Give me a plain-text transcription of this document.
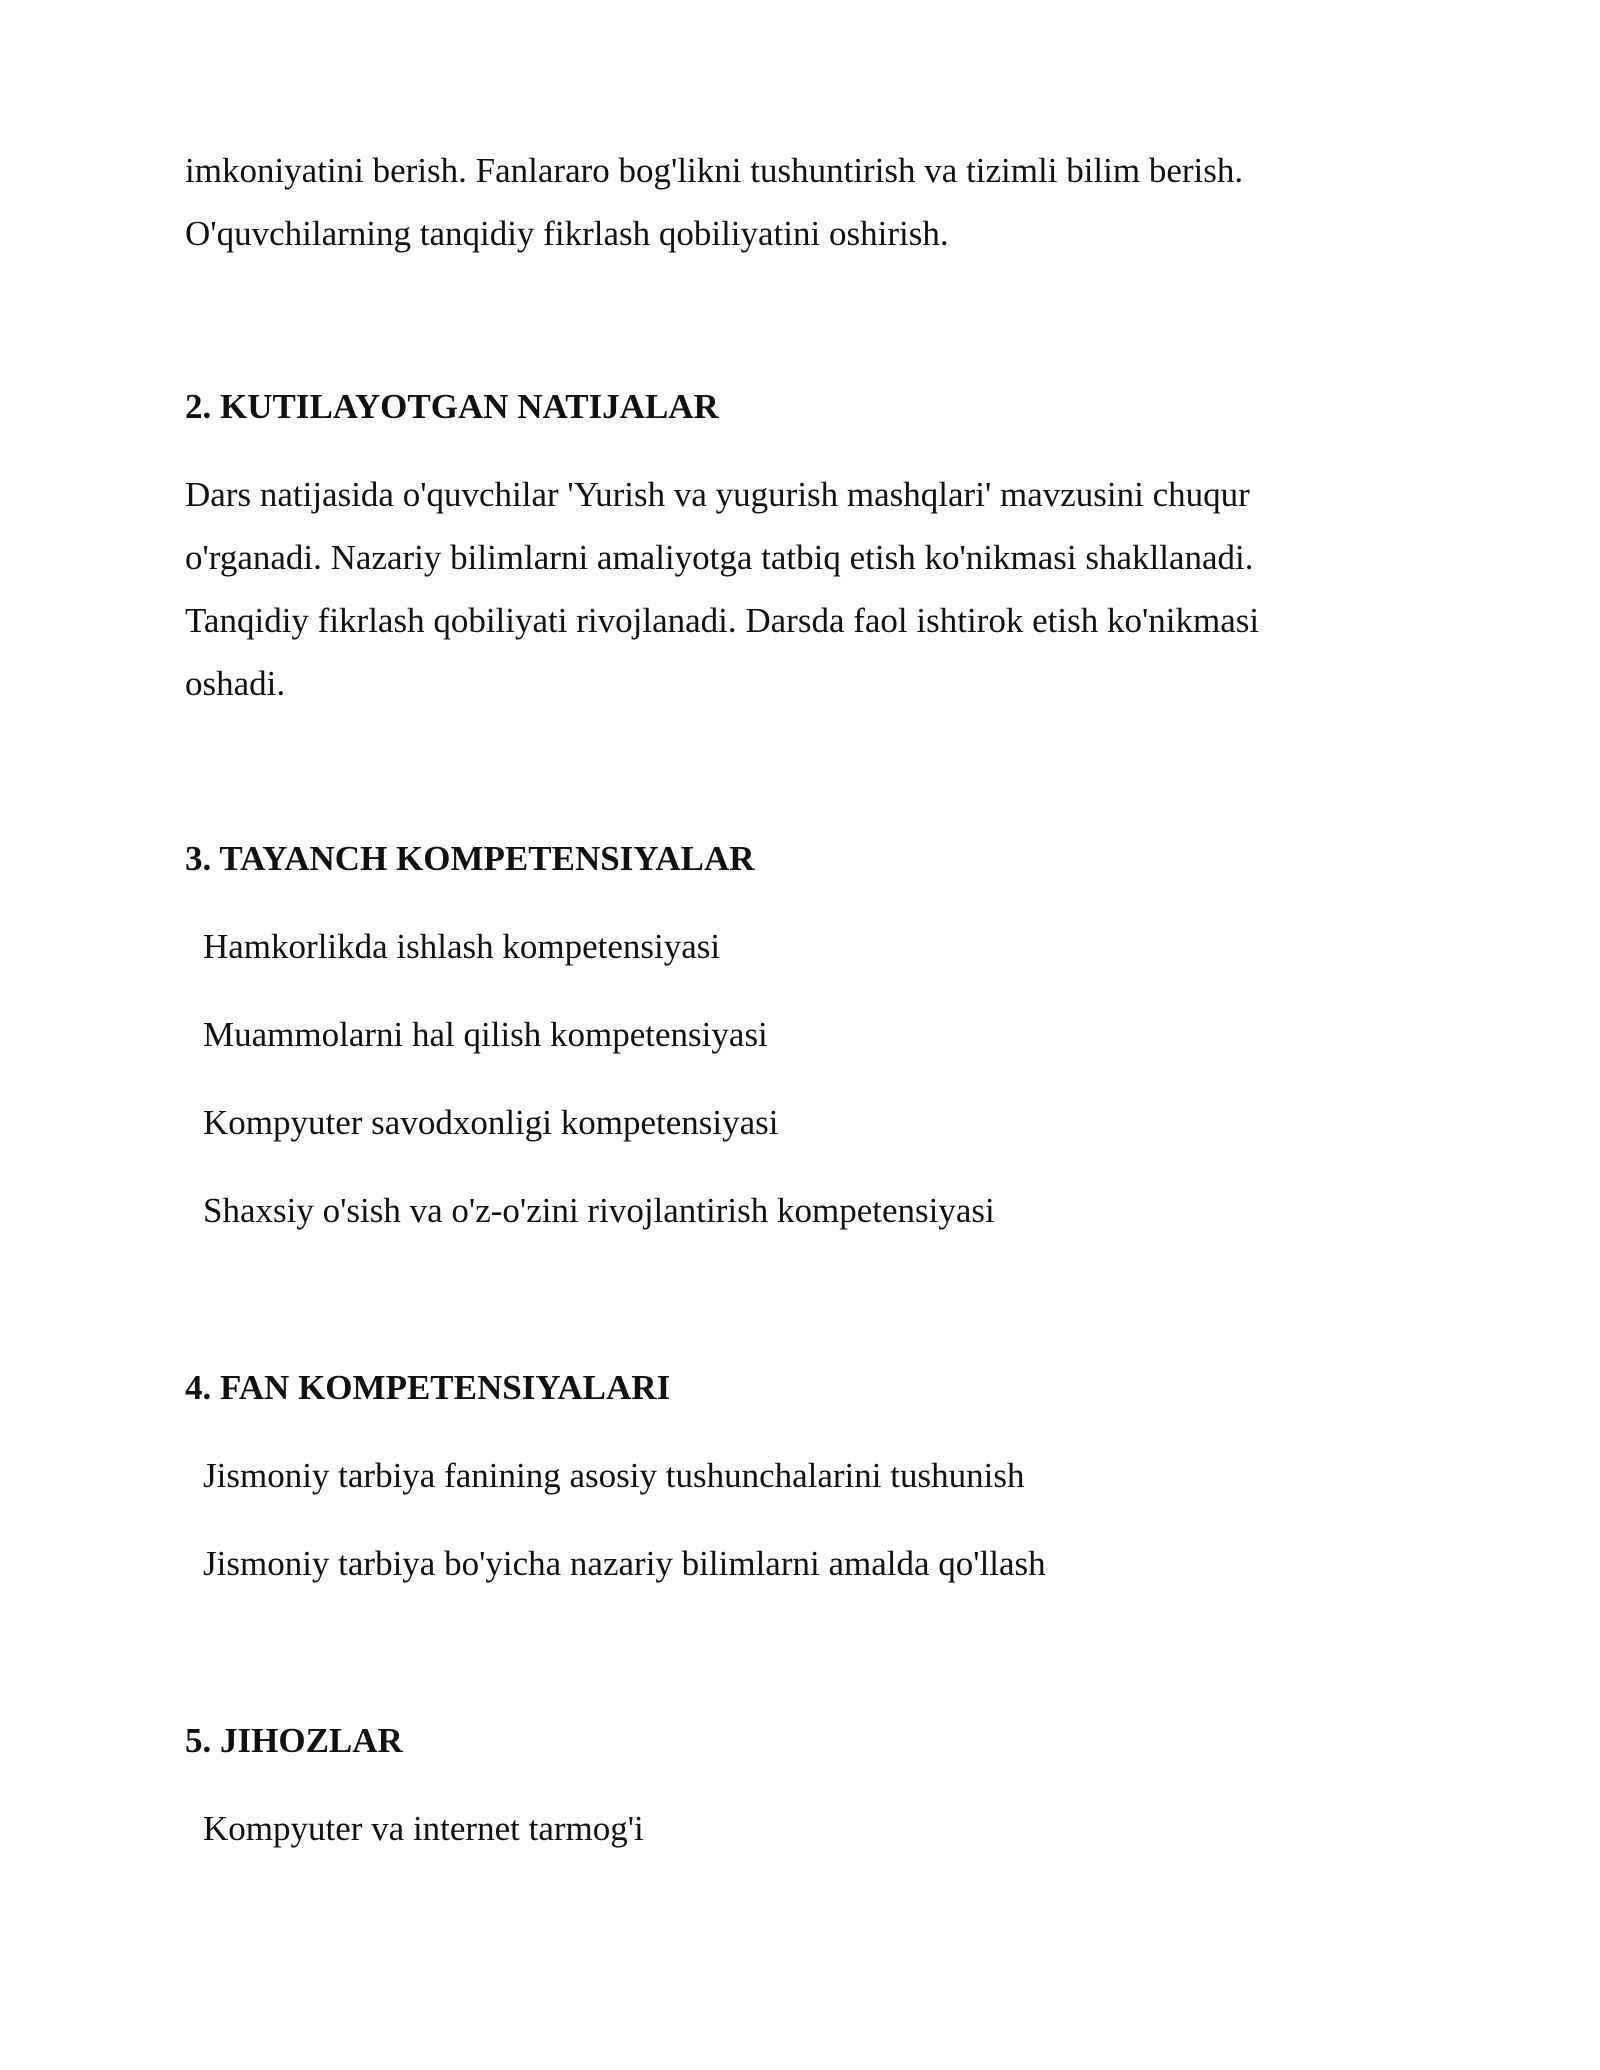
imkoniyatini berish. Fanlararo bog'likni tushuntirish va tizimli bilim berish.

O'quvchilarning tanqidiy fikrlash qobiliyatini oshirish.

2. KUTILAYOTGAN NATIJALAR

Dars natijasida o'quvchilar 'Yurish va yugurish mashqlari' mavzusini chuqur

o'rganadi. Nazariy bilimlarni amaliyotga tatbiq etish ko'nikmasi shakllanadi.

Tanqidiy fikrlash qobiliyati rivojlanadi. Darsda faol ishtirok etish ko'nikmasi

oshadi.

3. TAYANCH KOMPETENSIYALAR

Hamkorlikda ishlash kompetensiyasi

Muammolarni hal qilish kompetensiyasi

Kompyuter savodxonligi kompetensiyasi

Shaxsiy o'sish va o'z-o'zini rivojlantirish kompetensiyasi

4. FAN KOMPETENSIYALARI

Jismoniy tarbiya fanining asosiy tushunchalarini tushunish

Jismoniy tarbiya bo'yicha nazariy bilimlarni amalda qo'llash

5. JIHOZLAR

Kompyuter va internet tarmog'i
